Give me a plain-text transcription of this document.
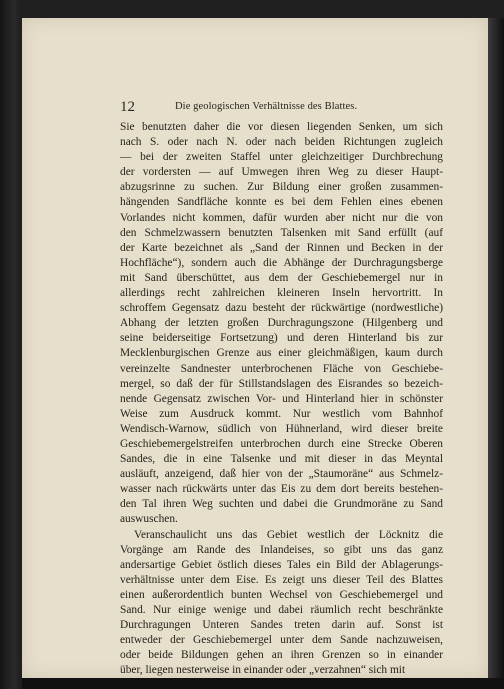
12	Die geologischen Verhältnisse des Blattes.

Sie benutzten daher die vor diesen liegenden Senken, um sich
nach S. oder nach N. oder nach beiden Richtungen zugleich
— bei der zweiten Staffel unter gleichzeitiger Durchbrechung
der vordersten — auf Umwegen ihren Weg zu dieser Haupt-
abzugsrinne zu suchen. Zur Bildung einer großen zusammen-
hängenden Sandfläche konnte es bei dem Fehlen eines ebenen
Vorlandes nicht kommen, dafür wurden aber nicht nur die von
den Schmelzwassern benutzten Talsenken mit Sand erfüllt (auf
der Karte bezeichnet als „Sand der Rinnen und Becken in der
Hochfläche“), sondern auch die Abhänge der Durchragungsberge
mit Sand überschüttet, aus dem der Geschiebemergel nur in
allerdings recht zahlreichen kleineren Inseln hervortritt. In
schroffem Gegensatz dazu besteht der rückwärtige (nordwestliche)
Abhang der letzten großen Durchragungszone (Hilgenberg und
seine beiderseitige Fortsetzung) und deren Hinterland bis zur
Mecklenburgischen Grenze aus einer gleichmäßigen, kaum durch
vereinzelte Sandnester unterbrochenen Fläche von Geschiebe-
mergel, so daß der für Stillstandslagen des Eisrandes so bezeich-
nende Gegensatz zwischen Vor- und Hinterland hier in schönster
Weise zum Ausdruck kommt. Nur westlich vom Bahnhof
Wendisch-Warnow, südlich von Hühnerland, wird dieser breite
Geschiebemergelstreifen unterbrochen durch eine Strecke Oberen
Sandes, die in eine Talsenke und mit dieser in das Meyntal
ausläuft, anzeigend, daß hier von der „Staumoräne“ aus Schmelz-
wasser nach rückwärts unter das Eis zu dem dort bereits bestehen-
den Tal ihren Weg suchten und dabei die Grundmoräne zu Sand
auswuschen.

Veranschaulicht uns das Gebiet westlich der Löcknitz die
Vorgänge am Rande des Inlandeises, so gibt uns das ganz
andersartige Gebiet östlich dieses Tales ein Bild der Ablagerungs-
verhältnisse unter dem Eise. Es zeigt uns dieser Teil des Blattes
einen außerordentlich bunten Wechsel von Geschiebemergel und
Sand. Nur einige wenige und dabei räumlich recht beschränkte
Durchragungen Unteren Sandes treten darin auf. Sonst ist
entweder der Geschiebemergel unter dem Sande nachzuweisen,
oder beide Bildungen gehen an ihren Grenzen so in einander
über, liegen nesterweise in einander oder „verzahnen“ sich mit
